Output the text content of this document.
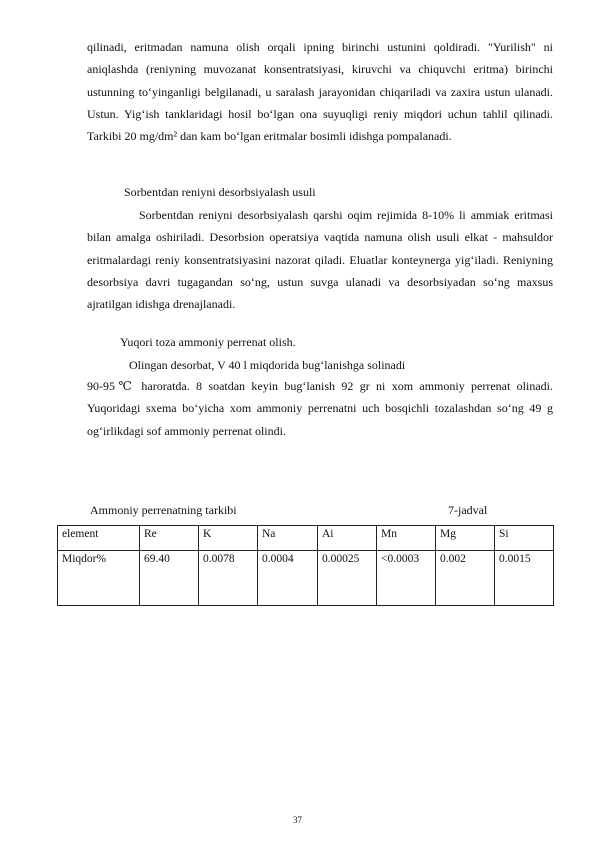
qilinadi, eritmadan namuna olish orqali ipning birinchi ustunini qoldiradi. "Yurilish" ni aniqlashda (reniyning muvozanat konsentratsiyasi, kiruvchi va chiquvchi eritma) birinchi ustunning to‘yinganligi belgilanadi, u saralash jarayonidan chiqariladi va zaxira ustun ulanadi. Ustun. Yig‘ish tanklaridagi hosil bo‘lgan ona suyuqligi reniy miqdori uchun tahlil qilinadi. Tarkibi 20 mg/dm² dan kam bo‘lgan eritmalar bosimli idishga pompalanadi.
Sorbentdan reniyni desorbsiyalash usuli
Sorbentdan reniyni desorbsiyalash qarshi oqim rejimida 8-10% li ammiak eritmasi bilan amalga oshiriladi. Desorbsion operatsiya vaqtida namuna olish usuli elkat - mahsuldor eritmalardagi reniy konsentratsiyasini nazorat qiladi. Eluatlar konteynerga yig‘iladi. Reniyning desorbsiya davri tugagandan so‘ng, ustun suvga ulanadi va desorbsiyadan so‘ng maxsus ajratilgan idishga drenajlanadi.
Yuqori toza ammoniy perrenat olish.
Olingan desorbat, V 40 l miqdorida bug‘lanishga solinadi
90-95℃ haroratda. 8 soatdan keyin bug‘lanish 92 gr ni xom ammoniy perrenat olinadi. Yuqoridagi sxema bo‘yicha xom ammoniy perrenatni uch bosqichli tozalashdan so‘ng 49 g og‘irlikdagi sof ammoniy perrenat olindi.
Ammoniy perrenatning tarkibi	7-jadval
element	Re	K	Na	Ai	Mn	Mg	Si
Miqdor%	69.40	0.0078	0.0004	0.00025	<0.0003	0.002	0.0015
37
